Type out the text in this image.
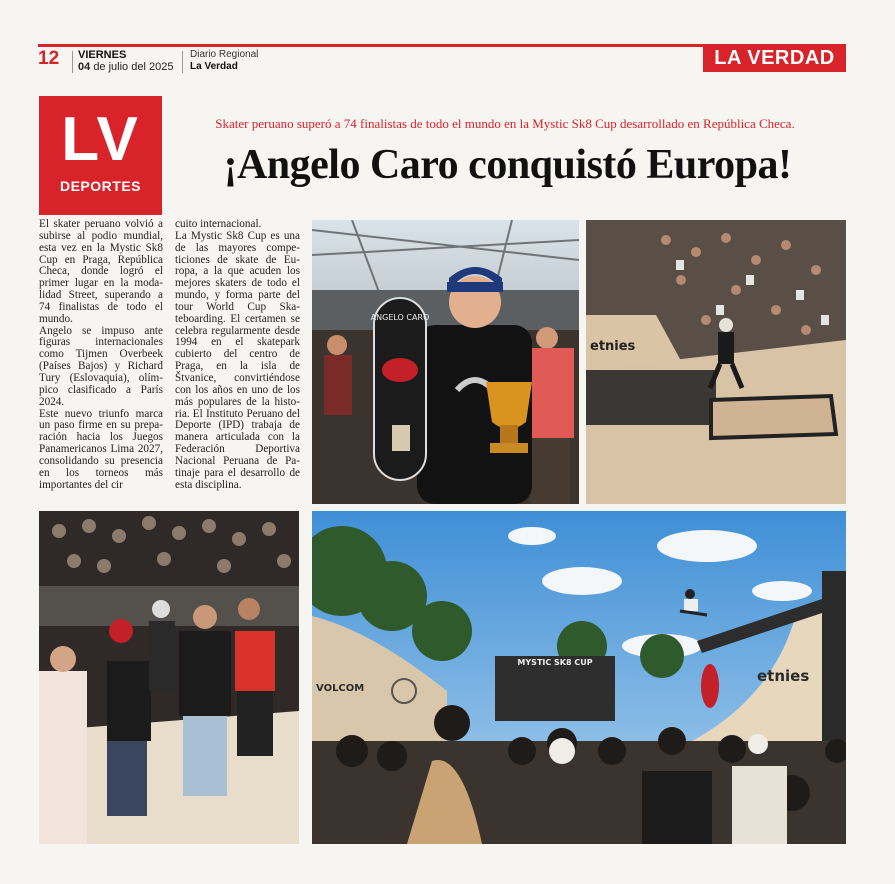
12 VIERNES
04 de julio del 2025
Diario Regional
La Verdad	LA VERDAD
LV
DEPORTES
Skater peruano superó a 74 finalistas de todo el mundo en la Mystic Sk8 Cup desarrollado en República Checa.
¡Angelo Caro conquistó Europa!

El skater peruano volvió a subirse al podio mundial, esta vez en la Mystic Sk8 Cup en Praga, República Checa, donde logró el primer lugar en la modalidad Street, superando a 74 finalistas de todo el mundo.

Angelo se impuso ante figuras internacionales como Tijmen Overbeek (Países Bajos) y Richard Tury (Eslovaquia), olímpico clasificado a París 2024.

Este nuevo triunfo marca un paso firme en su preparación hacia los Juegos Panamericanos Lima 2027, consolidando su presencia en los torneos más importantes del cir

cuito internacional.

La Mystic Sk8 Cup es una de las mayores competiciones de skate de Europa, a la que acuden los mejores skaters de todo el mundo, y forma parte del tour World Cup Skateboarding. El certamen se celebra regularmente desde 1994 en el skatepark cubierto del centro de Praga, en la isla de Štvanice, convirtiéndose con los años en uno de los más populares de la historia. El Instituto Peruano del Deporte (IPD) trabaja de manera articulada con la Federación Deportiva Nacional Peruana de Patinaje para el desarrollo de esta disciplina.

ANGELO CARO
etnies
VOLCOM
MYSTIC SK8 CUP
etnies
